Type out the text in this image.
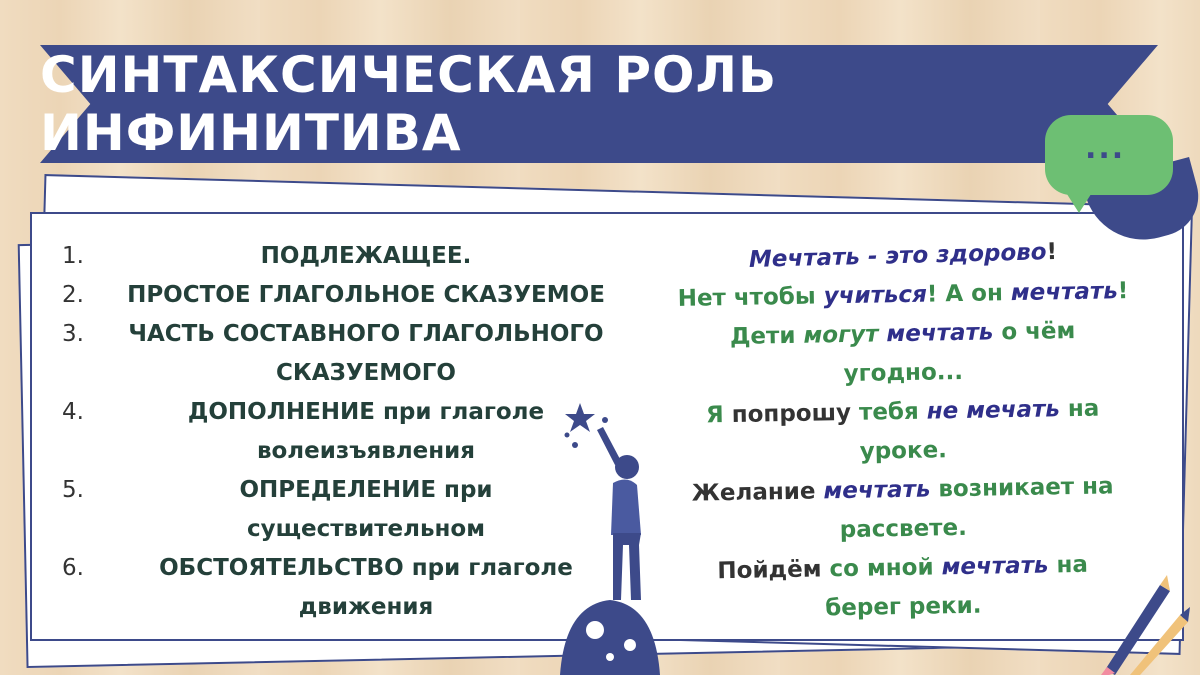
СИНТАКСИЧЕСКАЯ РОЛЬ ИНФИНИТИВА	...
1.	ПОДЛЕЖАЩЕЕ.
2.	ПРОСТОЕ ГЛАГОЛЬНОЕ СКАЗУЕМОЕ
3.	ЧАСТЬ СОСТАВНОГО ГЛАГОЛЬНОГО СКАЗУЕМОГО
4.	ДОПОЛНЕНИЕ при глаголе волеизъявления
5.	ОПРЕДЕЛЕНИЕ при существительном
6.	ОБСТОЯТЕЛЬСТВО при глаголе движения

Мечтать - это здорово!

Нет чтобы учиться! А он мечтать!

Дети могут мечтать о чём угодно...

Я попрошу тебя не мечать на уроке.

Желание мечтать возникает на рассвете.

Пойдём со мной мечтать на берег реки.
